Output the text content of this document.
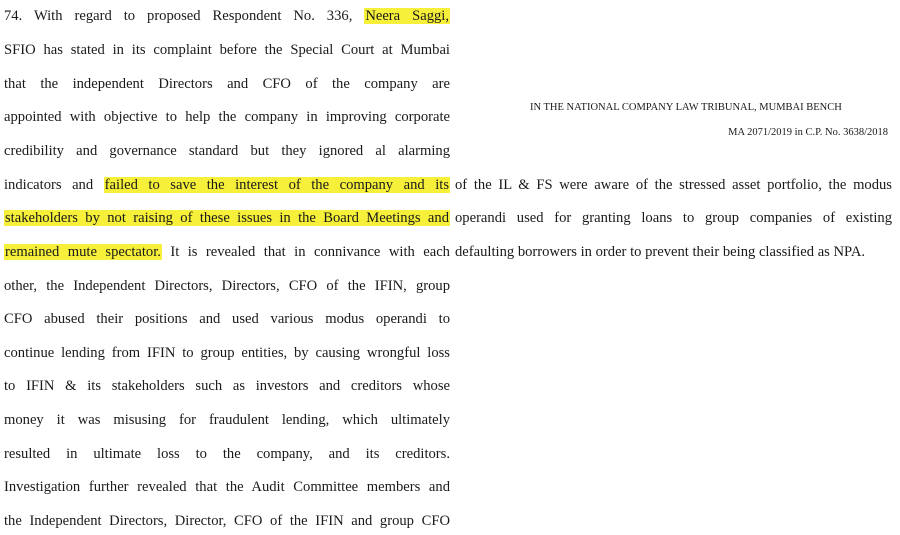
74. With regard to proposed Respondent No. 336, Neera Saggi,
SFIO has stated in its complaint before the Special Court at Mumbai
that the independent Directors and CFO of the company are
appointed with objective to help the company in improving corporate
credibility and governance standard but they ignored al alarming
indicators and failed to save the interest of the company and its
stakeholders by not raising of these issues in the Board Meetings and
remained mute spectator. It is revealed that in connivance with each
other, the Independent Directors, Directors, CFO of the IFIN, group
CFO abused their positions and used various modus operandi to
continue lending from IFIN to group entities, by causing wrongful loss
to IFIN & its stakeholders such as investors and creditors whose
money it was misusing for fraudulent lending, which ultimately
resulted in ultimate loss to the company, and its creditors.
Investigation further revealed that the Audit Committee members and
the Independent Directors, Director, CFO of the IFIN and group CFO
IN THE NATIONAL COMPANY LAW TRIBUNAL, MUMBAI BENCH
MA 2071/2019 in C.P. No. 3638/2018
of the IL & FS were aware of the stressed asset portfolio, the modus
operandi used for granting loans to group companies of existing
defaulting borrowers in order to prevent their being classified as NPA.
